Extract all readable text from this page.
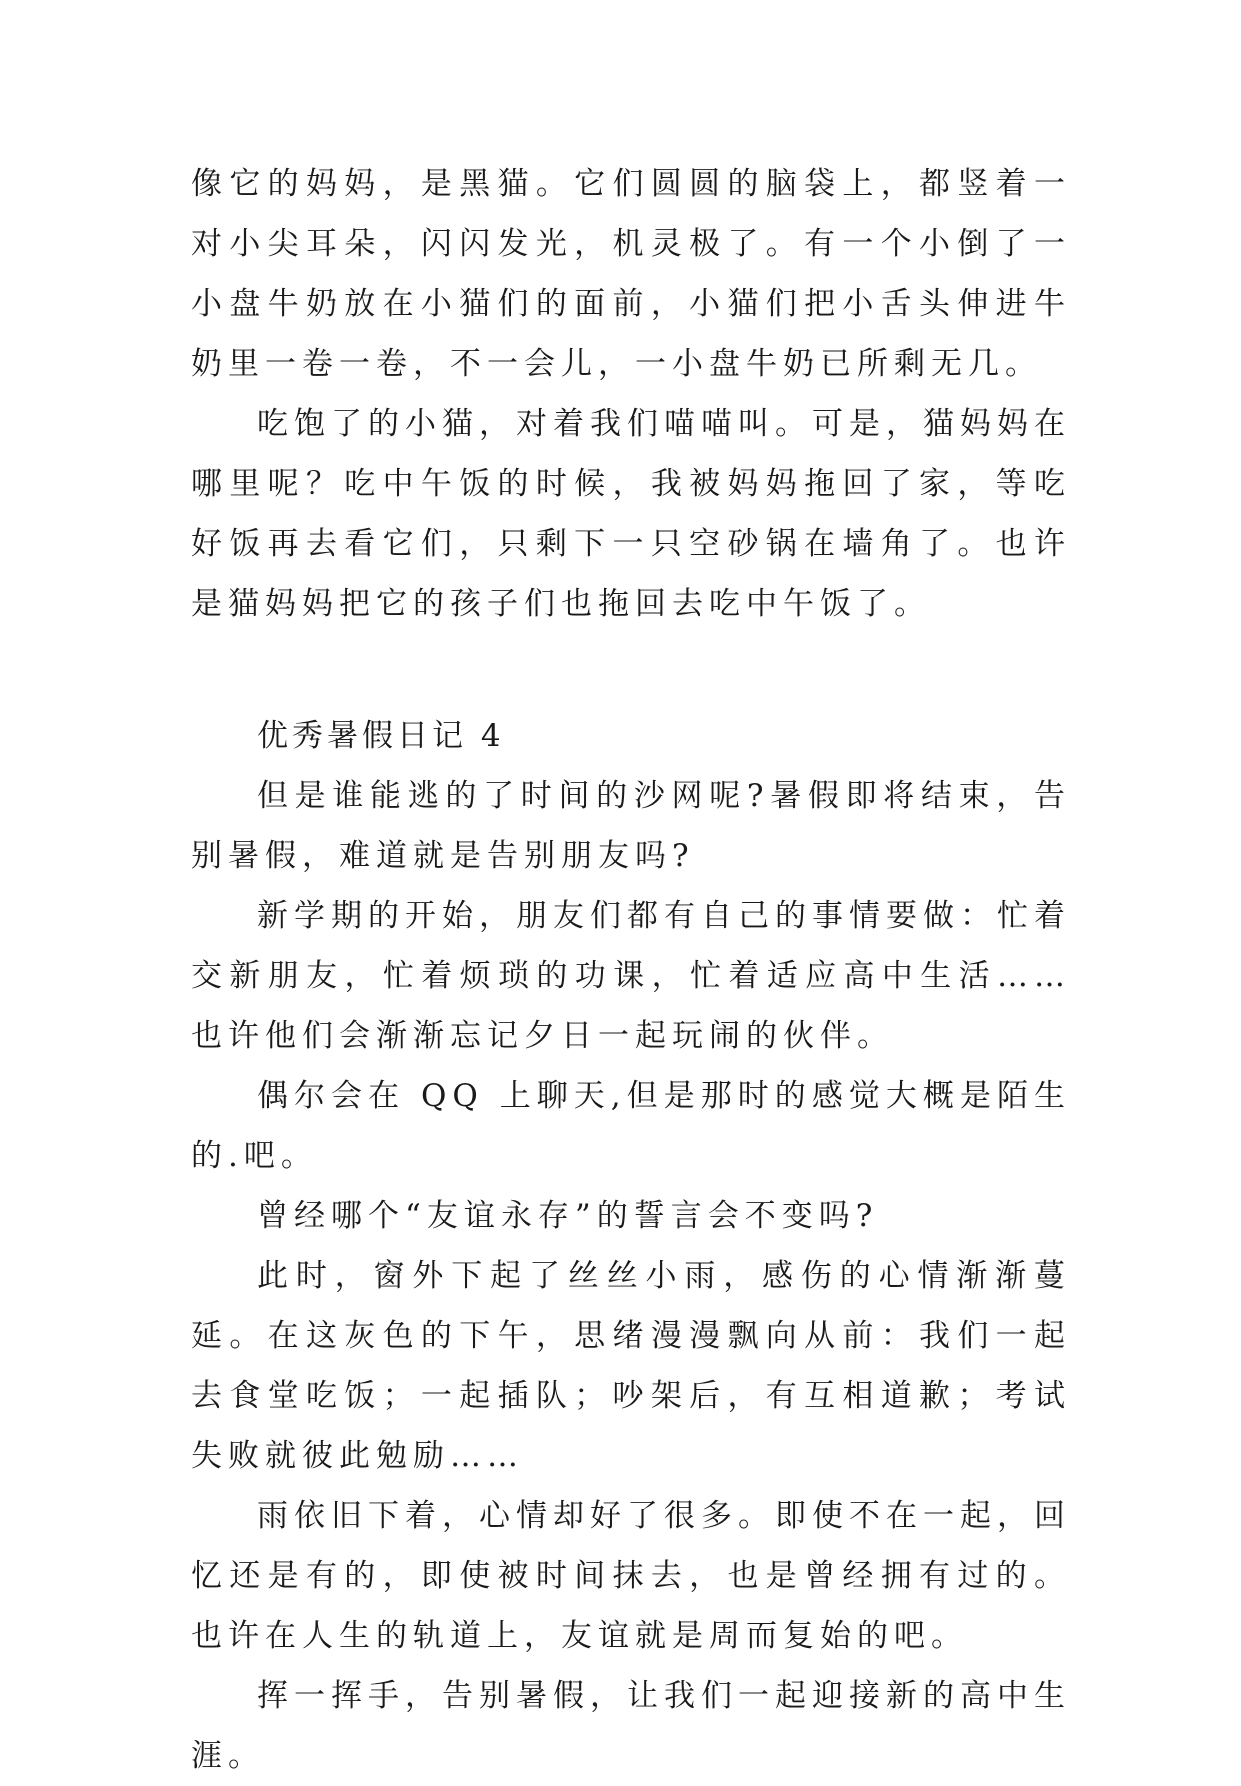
像它的妈妈，是黑猫。它们圆圆的脑袋上，都竖着一对小尖耳朵，闪闪发光，机灵极了。有一个小倒了一小盘牛奶放在小猫们的面前，小猫们把小舌头伸进牛奶里一卷一卷，不一会儿，一小盘牛奶已所剩无几。

吃饱了的小猫，对着我们喵喵叫。可是，猫妈妈在哪里呢？吃中午饭的时候，我被妈妈拖回了家，等吃好饭再去看它们，只剩下一只空砂锅在墙角了。也许是猫妈妈把它的孩子们也拖回去吃中午饭了。

优秀暑假日记 4

但是谁能逃的了时间的沙网呢?暑假即将结束，告别暑假，难道就是告别朋友吗?

新学期的开始，朋友们都有自己的事情要做：忙着交新朋友，忙着烦琐的功课，忙着适应高中生活……也许他们会渐渐忘记夕日一起玩闹的伙伴。

偶尔会在 QQ 上聊天,但是那时的感觉大概是陌生的.吧。

曾经哪个“友谊永存”的誓言会不变吗?

此时，窗外下起了丝丝小雨，感伤的心情渐渐蔓延。在这灰色的下午，思绪漫漫飘向从前：我们一起去食堂吃饭；一起插队；吵架后，有互相道歉；考试失败就彼此勉励……

雨依旧下着，心情却好了很多。即使不在一起，回忆还是有的，即使被时间抹去，也是曾经拥有过的。也许在人生的轨道上，友谊就是周而复始的吧。

挥一挥手，告别暑假，让我们一起迎接新的高中生涯。
